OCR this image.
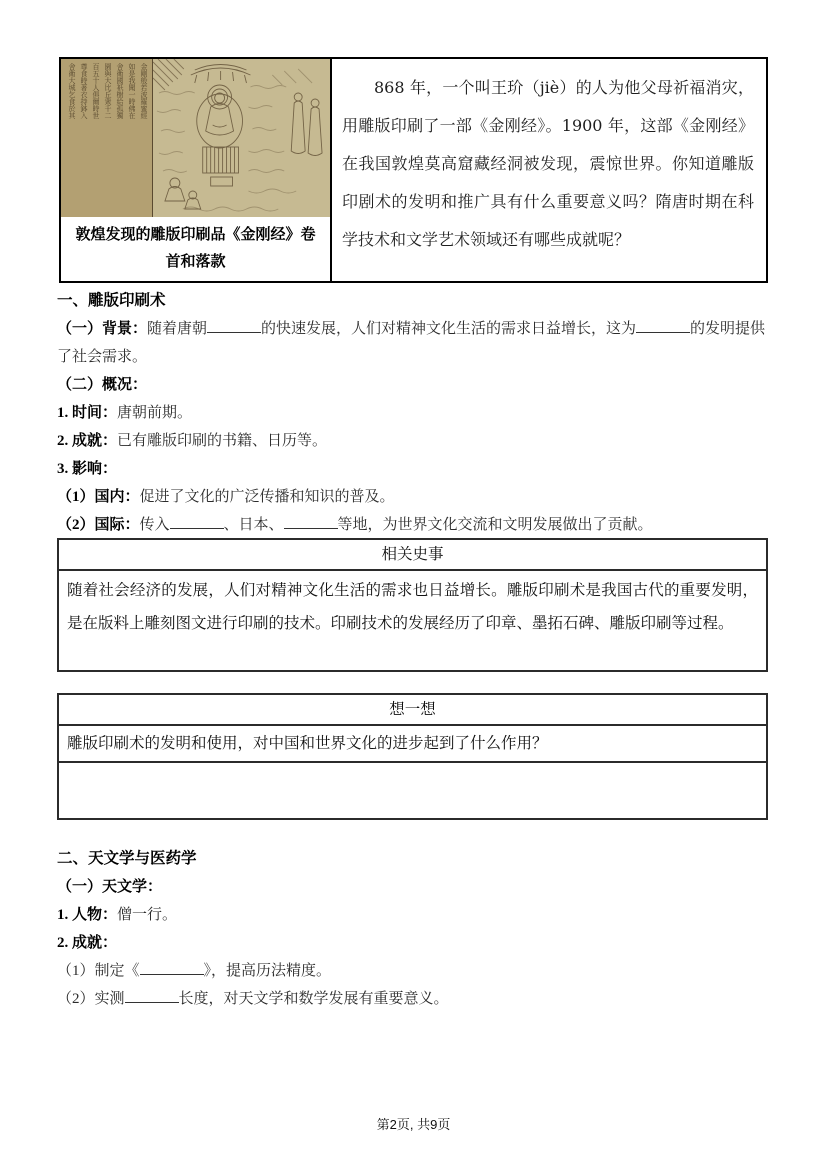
金剛般若波羅蜜經
如是我聞一時佛在
舍衛國祇樹給孤獨
園與大比丘衆千二
百五十人俱爾時世
尊食時著衣持鉢入
舍衛大城乞食於其
敦煌发现的雕版印刷品《金刚经》卷首和落款

868 年，一个叫王玠（jiè）的人为他父母祈福消灾，用雕版印刷了一部《金刚经》。1900 年，这部《金刚经》在我国敦煌莫高窟藏经洞被发现，震惊世界。你知道雕版印剧术的发明和推广具有什么重要意义吗？隋唐时期在科学技术和文学艺术领域还有哪些成就呢？

一、雕版印刷术
（一）背景：随着唐朝	的快速发展，人们对精神文化生活的需求日益增长，这为	的发明提供了社会需求。
（二）概况：
1. 时间：唐朝前期。
2. 成就：已有雕版印刷的书籍、日历等。
3. 影响：
（1）国内：促进了文化的广泛传播和知识的普及。
（2）国际：传入	、日本、	等地，为世界文化交流和文明发展做出了贡献。
相关史事
随着社会经济的发展，人们对精神文化生活的需求也日益增长。雕版印刷术是我国古代的重要发明，是在版料上雕刻图文进行印刷的技术。印刷技术的发展经历了印章、墨拓石碑、雕版印刷等过程。
想一想
雕版印刷术的发明和使用，对中国和世界文化的进步起到了什么作用？
二、天文学与医药学
（一）天文学：
1. 人物：僧一行。
2. 成就：
（1）制定《	》，提高历法精度。
（2）实测	长度，对天文学和数学发展有重要意义。
第2页, 共9页
